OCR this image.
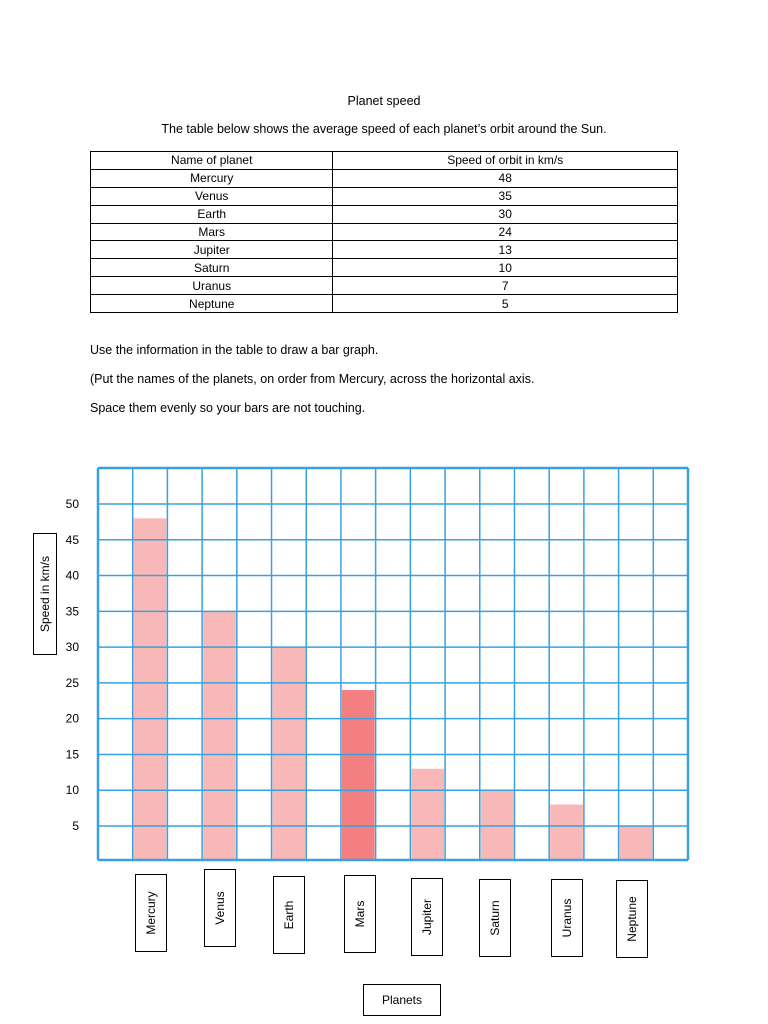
Planet speed
The table below shows the average speed of each planet’s orbit around the Sun.
Name of planet	Speed of orbit in km/s
Mercury	48
Venus	35
Earth	30
Mars	24
Jupiter	13
Saturn	10
Uranus	7
Neptune	5
Use the information in the table to draw a bar graph.
(Put the names of the planets, on order from Mercury, across the horizontal axis.
Space them evenly so your bars are not touching.
5
10
15
20
25
30
35
40
45
50
Speed in km/s
Mercury	Venus	Earth	Mars	Jupiter	Saturn	Uranus	Neptune
Planets
